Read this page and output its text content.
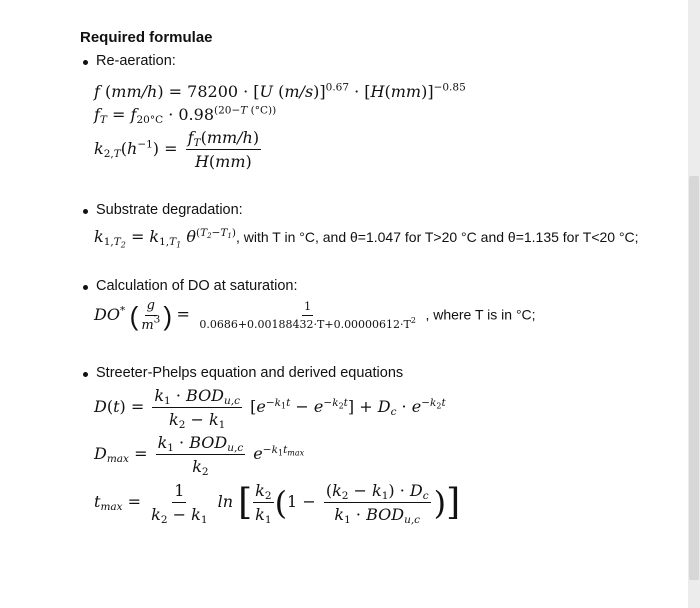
Required formulae
Re-aeration:
f (mm/h) = 78200 · [U $(m/s)]^{0.67} \cdot [H(mm)]^{-0.85}$
$f_T = f_{20^\circ C} \cdot 0.98^{(20-T (^\circ C))}$
$k_{2,T}(h^{-1}) = \frac{f_T(mm/h)}{H(mm)}$
Substrate degradation:
$k_{1,T_2} = k_{1,T_1}$ $\theta^{(T_2-T_1)}$, with T in °C, and θ=1.047 for T>20 °C and θ=1.135 for T<20 °C;
Calculation of DO at saturation:
DO* ( $\frac{g}{m^3}$ ) = $\frac{1}{0.0686+0.00188432\cdot T+0.00000612\cdot T^2}$ , where T is in °C;
Streeter-Phelps equation and derived equations
$D(t) = \frac{k_1 \cdot BOD_{u,c}}{k_2 - k_1} [e^{-k_1t} - e^{-k_2t}] + D_c \cdot e^{-k_2t}$
$D_{max} = \frac{k_1 \cdot BOD_{u,c}}{k_2} e^{-k_1t_{max}}$
$t_{max} = \frac{1}{k_2 - k_1}$ ln [ $\frac{k_2}{k_1} (1 - \frac{(k_2 - k_1) \cdot D_c}{k_1 \cdot BOD_{u,c}}$ )]
